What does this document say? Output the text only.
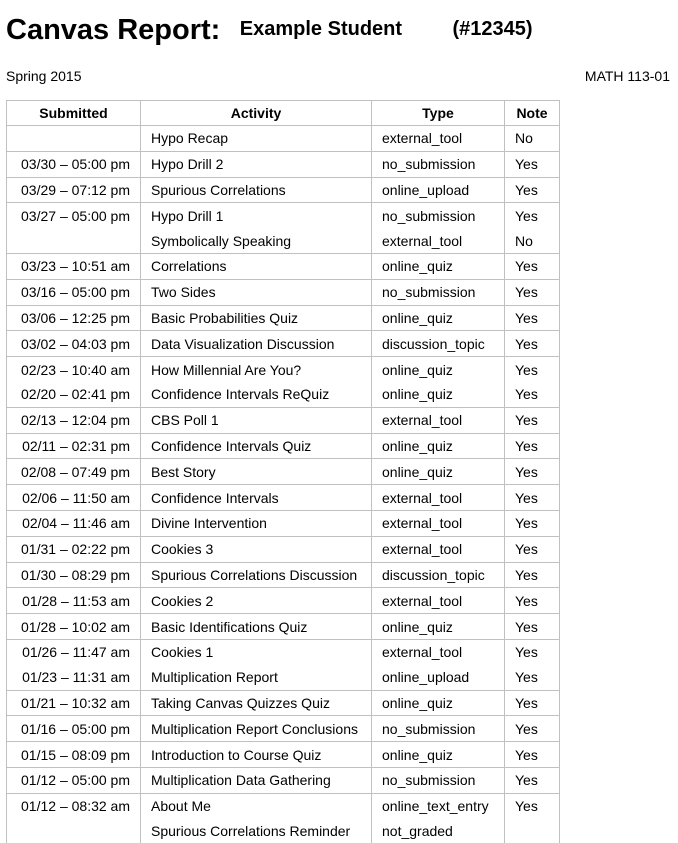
Canvas Report: Example Student	(#12345)
Spring 2015	MATH 113-01
Submitted	Activity	Type	Note
	Hypo Recap	external_tool	No
03/30 – 05:00 pm	Hypo Drill 2	no_submission	Yes
03/29 – 07:12 pm	Spurious Correlations	online_upload	Yes
03/27 – 05:00 pm	Hypo Drill 1	no_submission	Yes
	Symbolically Speaking	external_tool	No
03/23 – 10:51 am	Correlations	online_quiz	Yes
03/16 – 05:00 pm	Two Sides	no_submission	Yes
03/06 – 12:25 pm	Basic Probabilities Quiz	online_quiz	Yes
03/02 – 04:03 pm	Data Visualization Discussion	discussion_topic	Yes
02/23 – 10:40 am	How Millennial Are You?	online_quiz	Yes
02/20 – 02:41 pm	Confidence Intervals ReQuiz	online_quiz	Yes
02/13 – 12:04 pm	CBS Poll 1	external_tool	Yes
02/11 – 02:31 pm	Confidence Intervals Quiz	online_quiz	Yes
02/08 – 07:49 pm	Best Story	online_quiz	Yes
02/06 – 11:50 am	Confidence Intervals	external_tool	Yes
02/04 – 11:46 am	Divine Intervention	external_tool	Yes
01/31 – 02:22 pm	Cookies 3	external_tool	Yes
01/30 – 08:29 pm	Spurious Correlations Discussion	discussion_topic	Yes
01/28 – 11:53 am	Cookies 2	external_tool	Yes
01/28 – 10:02 am	Basic Identifications Quiz	online_quiz	Yes
01/26 – 11:47 am	Cookies 1	external_tool	Yes
01/23 – 11:31 am	Multiplication Report	online_upload	Yes
01/21 – 10:32 am	Taking Canvas Quizzes Quiz	online_quiz	Yes
01/16 – 05:00 pm	Multiplication Report Conclusions	no_submission	Yes
01/15 – 08:09 pm	Introduction to Course Quiz	online_quiz	Yes
01/12 – 05:00 pm	Multiplication Data Gathering	no_submission	Yes
01/12 – 08:32 am	About Me	online_text_entry	Yes
	Spurious Correlations Reminder	not_graded	
